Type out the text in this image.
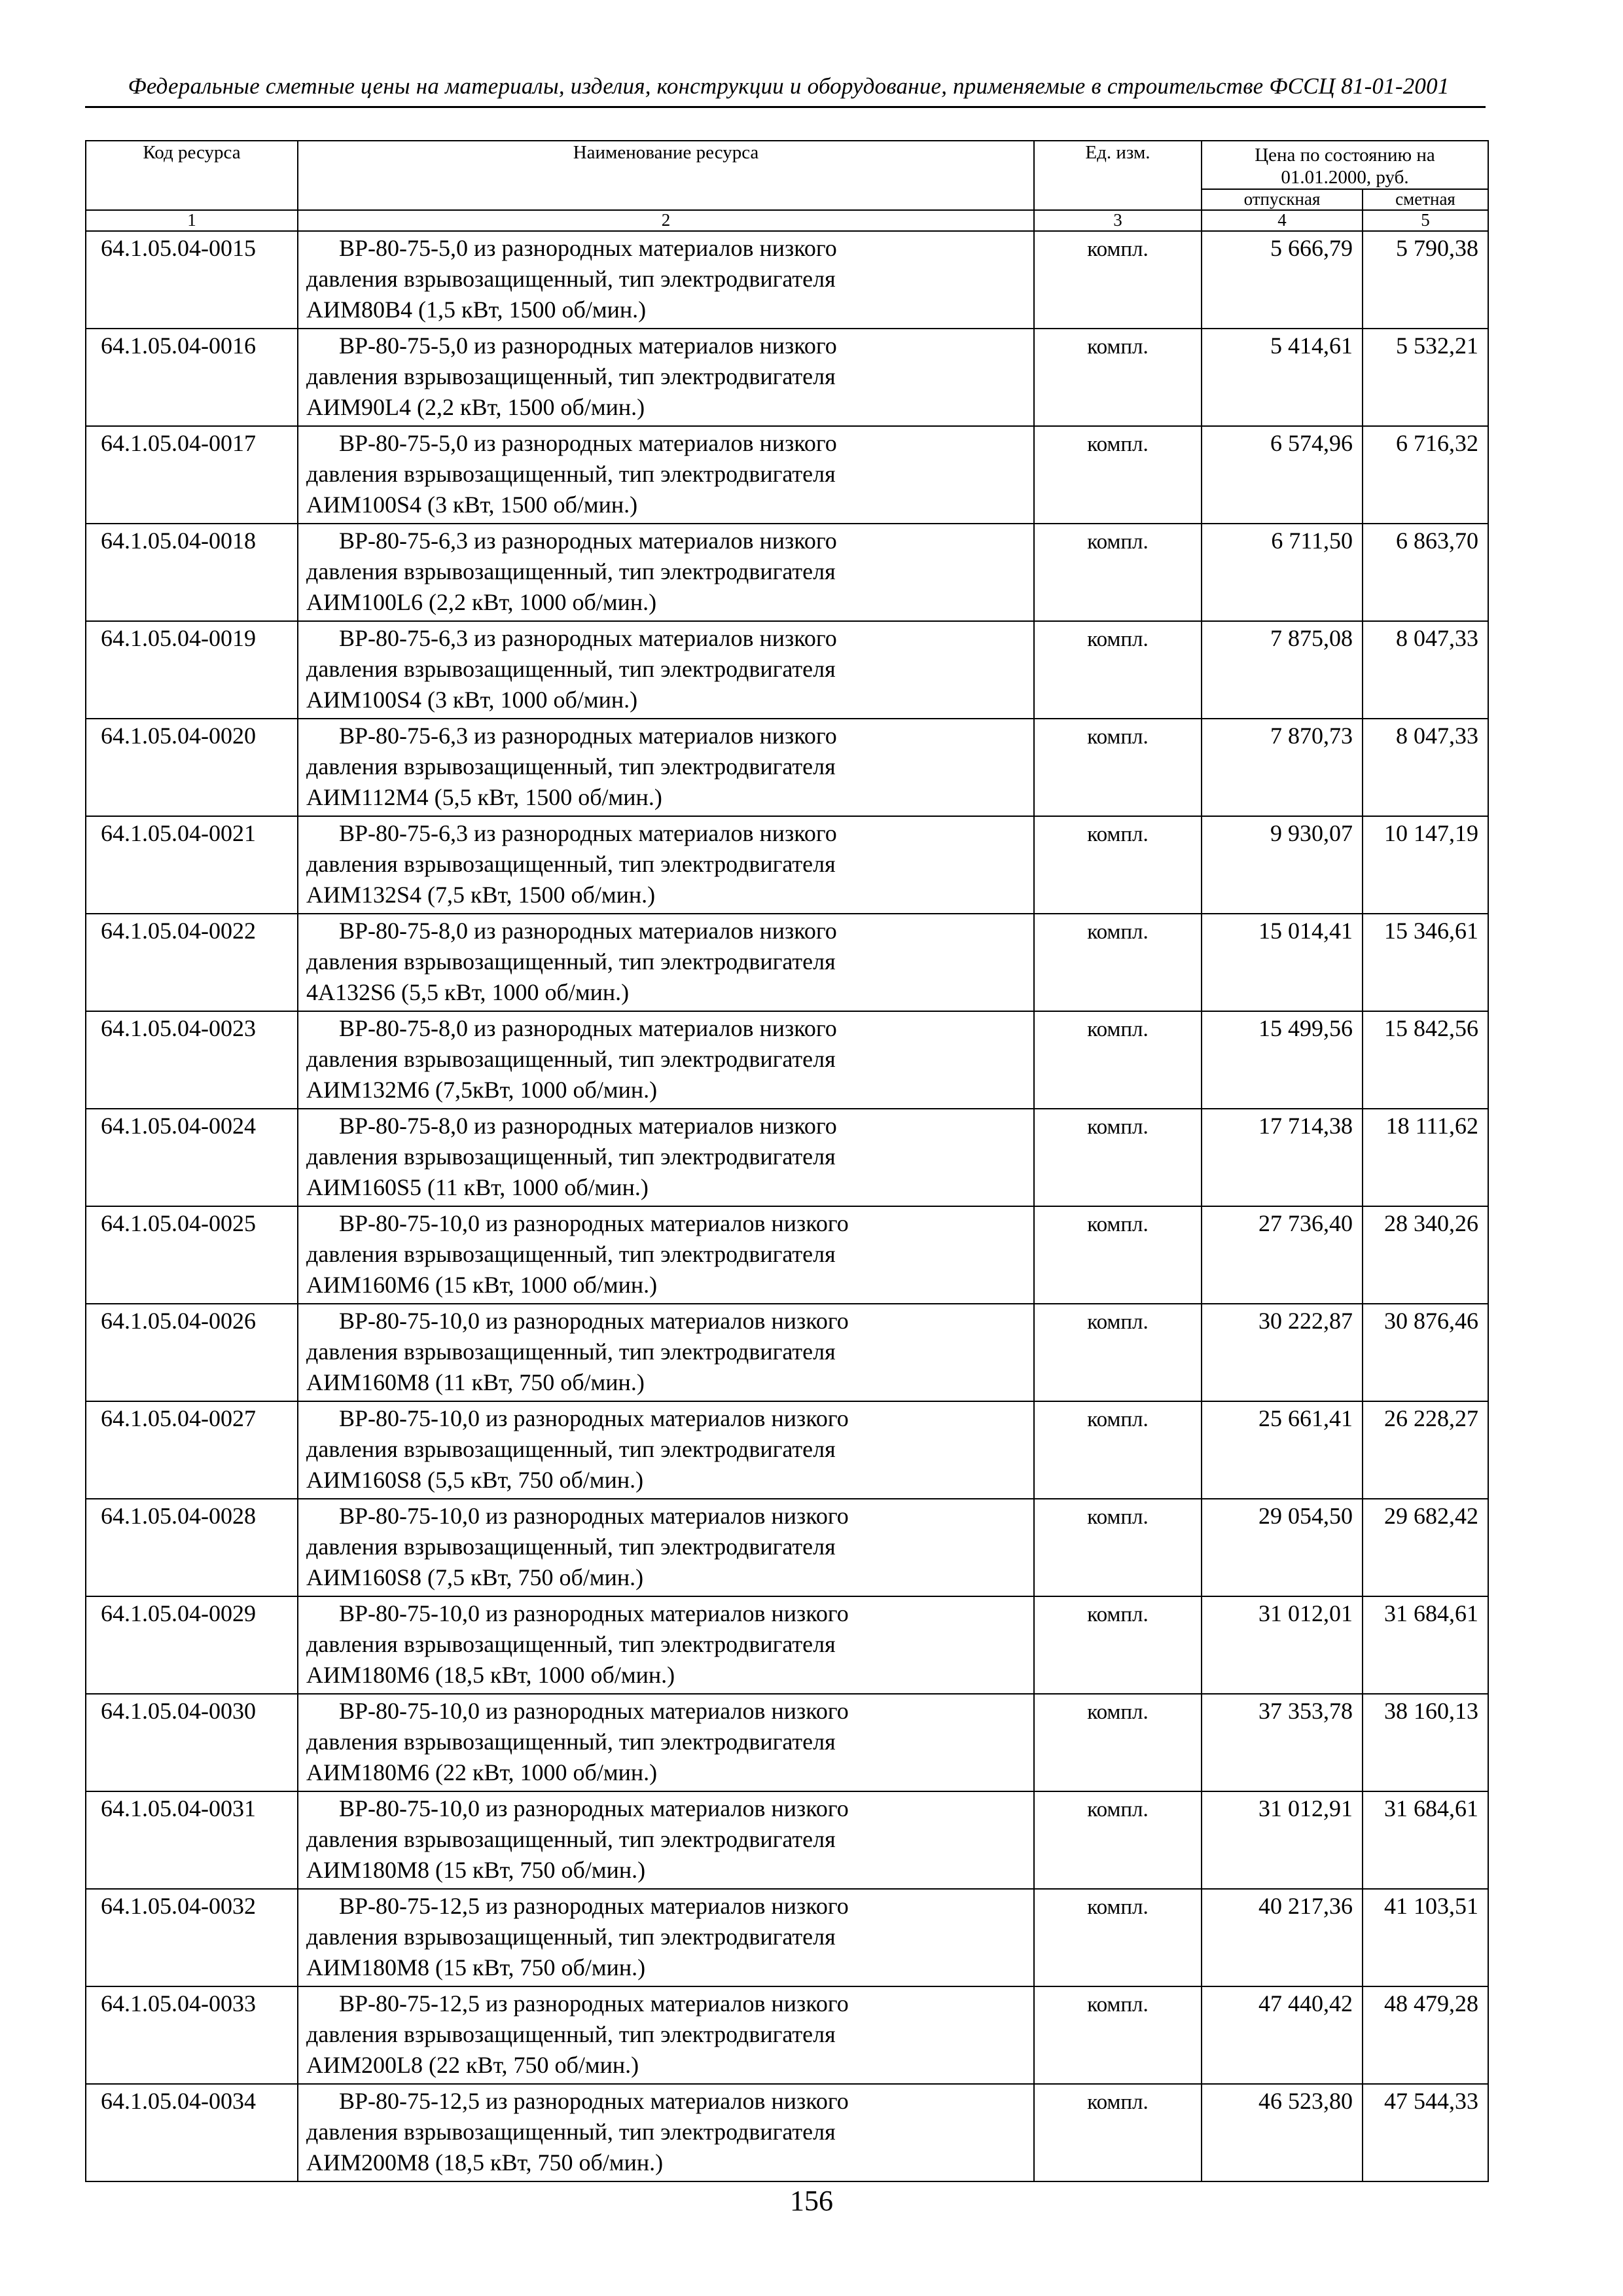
Федеральные сметные цены на материалы, изделия, конструкции и оборудование, применяемые в строительстве ФССЦ 81-01-2001
Код ресурса	Наименование ресурса	Ед. изм.	Цена по состоянию на
01.01.2000, руб.	
			отпускная	сметная
1	2	3	4	5
64.1.05.04-0015	ВР-80-75-5,0 из разнородных материалов низкого
давления взрывозащищенный, тип электродвигателя
АИМ80В4 (1,5 кВт, 1500 об/мин.)	компл.	5 666,79	5 790,38
64.1.05.04-0016	ВР-80-75-5,0 из разнородных материалов низкого
давления взрывозащищенный, тип электродвигателя
АИМ90L4 (2,2 кВт, 1500 об/мин.)	компл.	5 414,61	5 532,21
64.1.05.04-0017	ВР-80-75-5,0 из разнородных материалов низкого
давления взрывозащищенный, тип электродвигателя
АИМ100S4 (3 кВт, 1500 об/мин.)	компл.	6 574,96	6 716,32
64.1.05.04-0018	ВР-80-75-6,3 из разнородных материалов низкого
давления взрывозащищенный, тип электродвигателя
АИМ100L6 (2,2 кВт, 1000 об/мин.)	компл.	6 711,50	6 863,70
64.1.05.04-0019	ВР-80-75-6,3 из разнородных материалов низкого
давления взрывозащищенный, тип электродвигателя
АИМ100S4 (3 кВт, 1000 об/мин.)	компл.	7 875,08	8 047,33
64.1.05.04-0020	ВР-80-75-6,3 из разнородных материалов низкого
давления взрывозащищенный, тип электродвигателя
АИМ112М4 (5,5 кВт, 1500 об/мин.)	компл.	7 870,73	8 047,33
64.1.05.04-0021	ВР-80-75-6,3 из разнородных материалов низкого
давления взрывозащищенный, тип электродвигателя
АИМ132S4 (7,5 кВт, 1500 об/мин.)	компл.	9 930,07	10 147,19
64.1.05.04-0022	ВР-80-75-8,0 из разнородных материалов низкого
давления взрывозащищенный, тип электродвигателя
4А132S6 (5,5 кВт, 1000 об/мин.)	компл.	15 014,41	15 346,61
64.1.05.04-0023	ВР-80-75-8,0 из разнородных материалов низкого
давления взрывозащищенный, тип электродвигателя
АИМ132М6 (7,5кВт, 1000 об/мин.)	компл.	15 499,56	15 842,56
64.1.05.04-0024	ВР-80-75-8,0 из разнородных материалов низкого
давления взрывозащищенный, тип электродвигателя
АИМ160S5 (11 кВт, 1000 об/мин.)	компл.	17 714,38	18 111,62
64.1.05.04-0025	ВР-80-75-10,0 из разнородных материалов низкого
давления взрывозащищенный, тип электродвигателя
АИМ160М6 (15 кВт, 1000 об/мин.)	компл.	27 736,40	28 340,26
64.1.05.04-0026	ВР-80-75-10,0 из разнородных материалов низкого
давления взрывозащищенный, тип электродвигателя
АИМ160М8 (11 кВт, 750 об/мин.)	компл.	30 222,87	30 876,46
64.1.05.04-0027	ВР-80-75-10,0 из разнородных материалов низкого
давления взрывозащищенный, тип электродвигателя
АИМ160S8 (5,5 кВт, 750 об/мин.)	компл.	25 661,41	26 228,27
64.1.05.04-0028	ВР-80-75-10,0 из разнородных материалов низкого
давления взрывозащищенный, тип электродвигателя
АИМ160S8 (7,5 кВт, 750 об/мин.)	компл.	29 054,50	29 682,42
64.1.05.04-0029	ВР-80-75-10,0 из разнородных материалов низкого
давления взрывозащищенный, тип электродвигателя
АИМ180М6 (18,5 кВт, 1000 об/мин.)	компл.	31 012,01	31 684,61
64.1.05.04-0030	ВР-80-75-10,0 из разнородных материалов низкого
давления взрывозащищенный, тип электродвигателя
АИМ180М6 (22 кВт, 1000 об/мин.)	компл.	37 353,78	38 160,13
64.1.05.04-0031	ВР-80-75-10,0 из разнородных материалов низкого
давления взрывозащищенный, тип электродвигателя
АИМ180М8 (15 кВт, 750 об/мин.)	компл.	31 012,91	31 684,61
64.1.05.04-0032	ВР-80-75-12,5 из разнородных материалов низкого
давления взрывозащищенный, тип электродвигателя
АИМ180М8 (15 кВт, 750 об/мин.)	компл.	40 217,36	41 103,51
64.1.05.04-0033	ВР-80-75-12,5 из разнородных материалов низкого
давления взрывозащищенный, тип электродвигателя
АИМ200L8 (22 кВт, 750 об/мин.)	компл.	47 440,42	48 479,28
64.1.05.04-0034	ВР-80-75-12,5 из разнородных материалов низкого
давления взрывозащищенный, тип электродвигателя
АИМ200М8 (18,5 кВт, 750 об/мин.)	компл.	46 523,80	47 544,33
156
